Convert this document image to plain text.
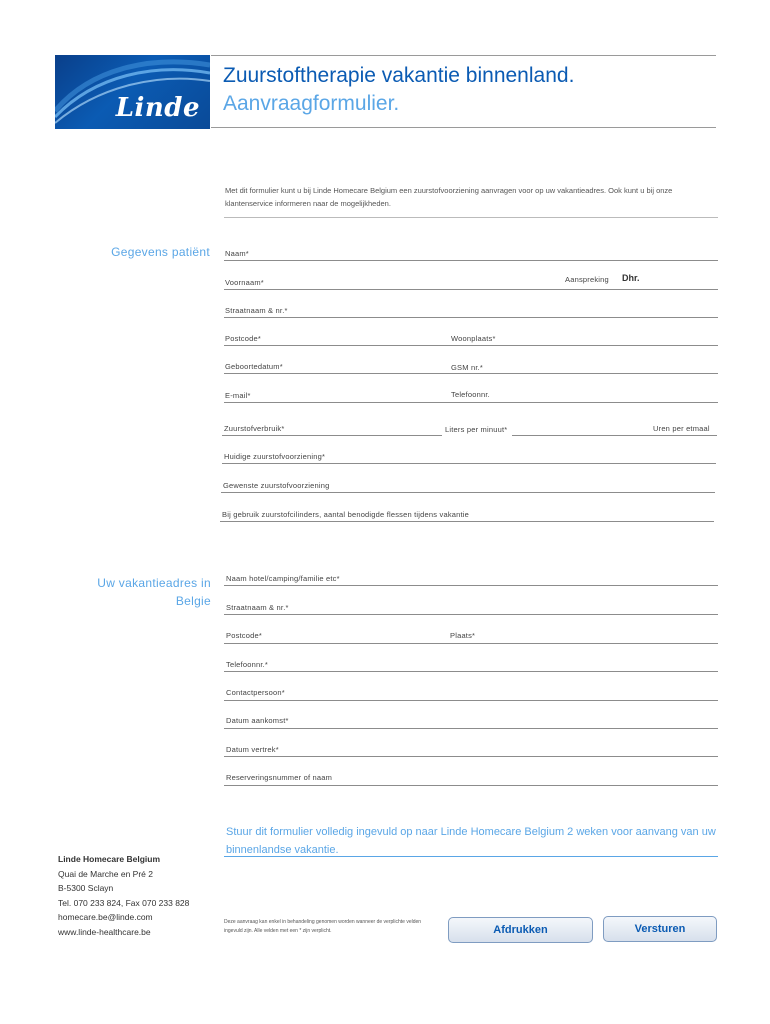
Linde
Zuurstoftherapie vakantie binnenland.
Aanvraagformulier.
Met dit formulier kunt u bij Linde Homecare Belgium een zuurstofvoorziening aanvragen voor op uw vakantieadres. Ook kunt u bij onze klantenservice informeren naar de mogelijkheden.
Gegevens patiënt Naam*
Voornaam*	Aanspreking Dhr.
Straatnaam & nr.*
Postcode*	Woonplaats*
Geboortedatum*	GSM nr.*
E-mail*	Telefoonnr.
Zuurstofverbruik*	Liters per minuut*	Uren per etmaal
Huidige zuurstofvoorziening*
Gewenste zuurstofvoorziening
Bij gebruik zuurstofcilinders, aantal benodigde flessen tijdens vakantie
Uw vakantieadres in
Belgie
Naam hotel/camping/familie etc*
Straatnaam & nr.*
Postcode*	Plaats*
Telefoonnr.*
Contactpersoon*
Datum aankomst*
Datum vertrek*
Reserveringsnummer of naam
Stuur dit formulier volledig ingevuld op naar Linde Homecare Belgium 2 weken voor aanvang van uw binnenlandse vakantie.
Linde Homecare Belgium
Quai de Marche en Pré 2
B-5300 Sclayn
Tel. 070 233 824, Fax 070 233 828
homecare.be@linde.com
www.linde-healthcare.be
Deze aanvraag kan enkel in behandeling genomen worden wanneer de verplichte velden ingevuld zijn. Alle velden met een * zijn verplicht.	Afdrukken	Versturen
